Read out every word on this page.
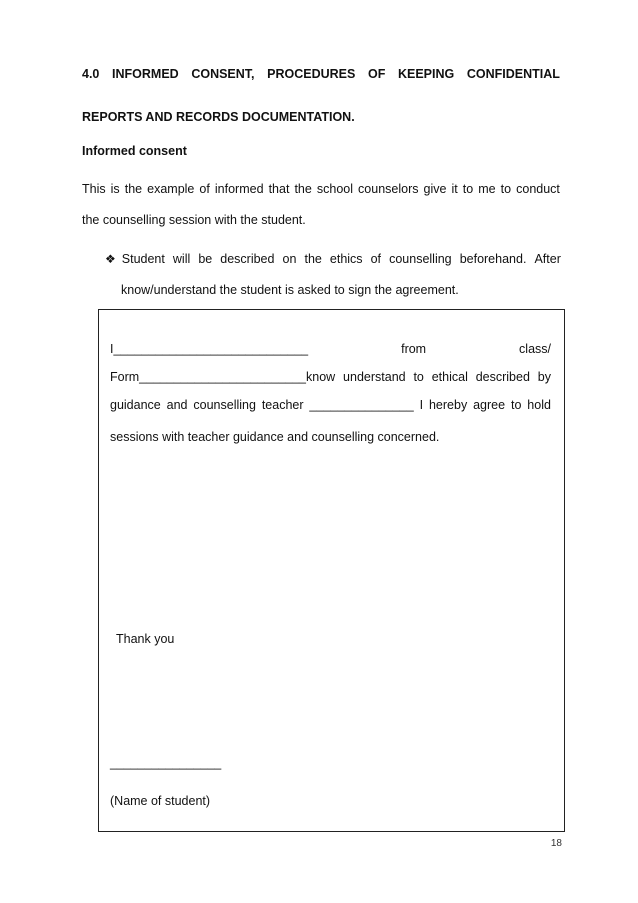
4.0 INFORMED CONSENT, PROCEDURES OF KEEPING CONFIDENTIAL

REPORTS AND RECORDS DOCUMENTATION.

Informed consent

This is the example of informed that the school counselors give it to me to conduct

the counselling session with the student.

❖ Student will be described on the ethics of counselling beforehand. After

know/understand the student is asked to sign the agreement.

I____________________________	from	class/
Form________________________know understand to ethical described by
guidance and counselling teacher _______________ I hereby agree to hold

sessions with teacher guidance and counselling concerned.

Thank you

________________

(Name of student)

18
